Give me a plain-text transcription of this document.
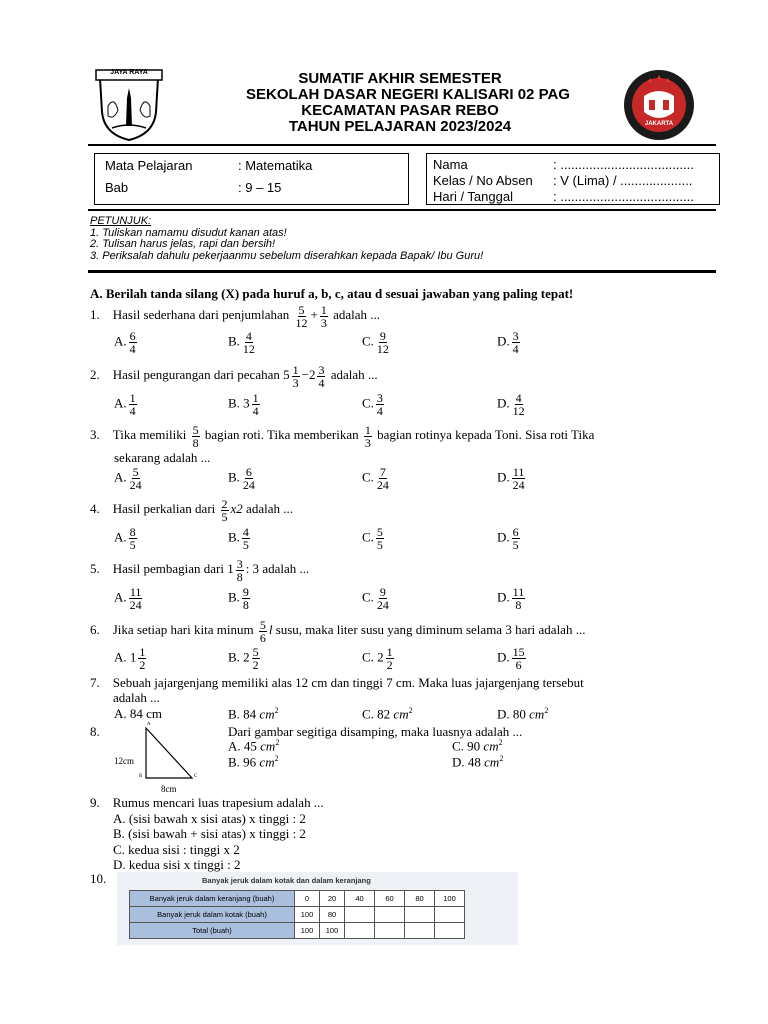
JAYA RAYA	SUMATIF AKHIR SEMESTER
SEKOLAH DASAR NEGERI KALISARI 02 PAG
KECAMATAN PASAR REBO
TAHUN PELAJARAN 2023/2024	JAKARTA
Mata Pelajaran	: Matematika
Bab	: 9 – 15
Nama	: .....................................
Kelas / No Absen : V (Lima) / ....................
Hari / Tanggal	: .....................................
PETUNJUK:
1. Tuliskan namamu disudut kanan atas!
2. Tulisan harus jelas, rapi dan bersih!
3. Periksalah dahulu pekerjaanmu sebelum diserahkan kepada Bapak/ Ibu Guru!
A. Berilah tanda silang (X) pada huruf a, b, c, atau d sesuai jawaban yang paling tepat!
1. Hasil sederhana dari penjumlahan $\frac{5}{12} + \frac{1}{3}$ adalah ...
A. $\frac{6}{4}$	B. $\frac{4}{12}$	C. $\frac{9}{12}$	D. $\frac{3}{4}$
2. Hasil pengurangan dari pecahan $5 \frac{1}{3} -2 \frac{3}{4}$ adalah ...
A. $\frac{1}{4}$	B. $3 \frac{1}{4}$	C. $\frac{3}{4}$	D. $\frac{4}{12}$
3. Tika memiliki $\frac{5}{8}$ bagian roti. Tika memberikan $\frac{1}{3}$ bagian rotinya kepada Toni. Sisa roti Tika
sekarang adalah ...
A. $\frac{5}{24}$	B. $\frac{6}{24}$	C. $\frac{7}{24}$	D. $\frac{11}{24}$
4. Hasil perkalian dari $\frac{2}{5} x2$ adalah ...
A. $\frac{8}{5}$	B. $\frac{4}{5}$	C. $\frac{5}{5}$	D. $\frac{6}{5}$
5. Hasil pembagian dari $1 \frac{3}{8}$ : 3 adalah ...
A. $\frac{11}{24}$	B. $\frac{9}{8}$	C. $\frac{9}{24}$	D. $\frac{11}{8}$
6. Jika setiap hari kita minum $\frac{5}{6}$ l susu, maka liter susu yang diminum selama 3 hari adalah ...
A. $1 \frac{1}{2}$	B. $2 \frac{5}{2}$	C. $2 \frac{1}{2}$	D. $\frac{15}{6}$
7. Sebuah jajargenjang memiliki alas 12 cm dan tinggi 7 cm. Maka luas jajargenjang tersebut
adalah ...
A. 84 cm	B. 84 $cm^2$	C. 82 $cm^2$	D. 80 $cm^2$
8.	A
B	C
12cm
8cm
Dari gambar segitiga disamping, maka luasnya adalah ...
A. 45 $cm^2$	C. 90 $cm^2$
B. 96 $cm^2$	D. 48 $cm^2$
9. Rumus mencari luas trapesium adalah ...
A. (sisi bawah x sisi atas) x tinggi : 2
B. (sisi bawah + sisi atas) x tinggi : 2
C. kedua sisi : tinggi x 2
D. kedua sisi x tinggi : 2
10.	Banyak jeruk dalam kotak dan dalam keranjang
Banyak jeruk dalam keranjang (buah)	0	20	40	60	80	100
Banyak jeruk dalam kotak (buah)	100	80				
Total (buah)	100	100				
